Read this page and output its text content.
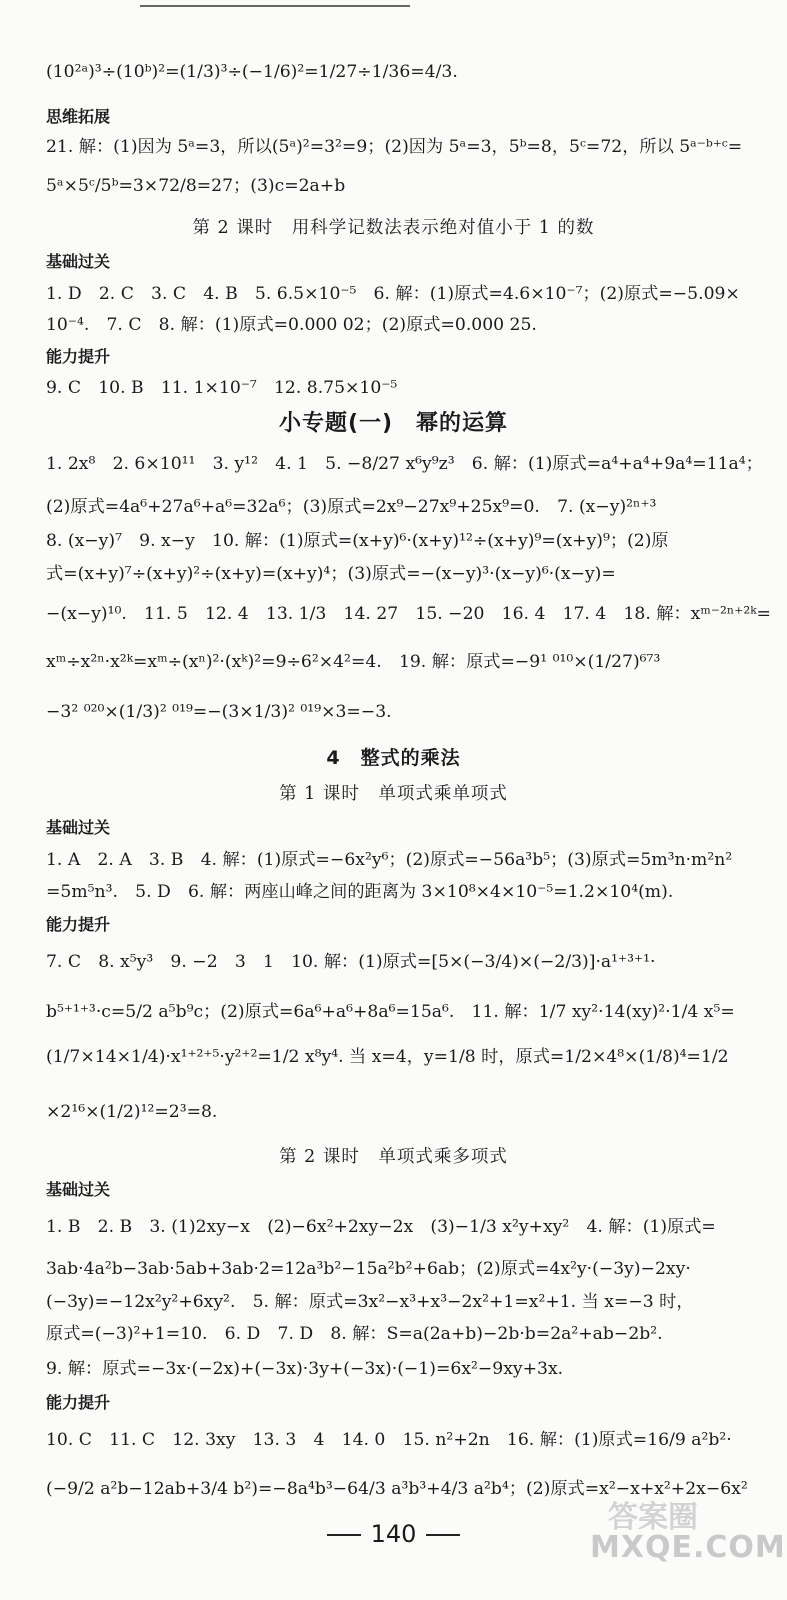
(10²ᵃ)³÷(10ᵇ)²=(1/3)³÷(−1/6)²=1/27÷1/36=4/3.
思维拓展
21. 解：(1)因为 5ᵃ=3，所以(5ᵃ)²=3²=9；(2)因为 5ᵃ=3，5ᵇ=8，5ᶜ=72，所以 5ᵃ⁻ᵇ⁺ᶜ=
5ᵃ×5ᶜ/5ᵇ=3×72/8=27；(3)c=2a+b
第 2 课时　用科学记数法表示绝对值小于 1 的数
基础过关
1. D　2. C　3. C　4. B　5. 6.5×10⁻⁵　6. 解：(1)原式=4.6×10⁻⁷；(2)原式=−5.09×
10⁻⁴.　7. C　8. 解：(1)原式=0.000 02；(2)原式=0.000 25.
能力提升
9. C　10. B　11. 1×10⁻⁷　12. 8.75×10⁻⁵
小专题(一)　幂的运算
1. 2x⁸　2. 6×10¹¹　3. y¹²　4. 1　5. −8/27 x⁶y⁹z³　6. 解：(1)原式=a⁴+a⁴+9a⁴=11a⁴；
(2)原式=4a⁶+27a⁶+a⁶=32a⁶；(3)原式=2x⁹−27x⁹+25x⁹=0.　7. (x−y)²ⁿ⁺³
8. (x−y)⁷　9. x−y　10. 解：(1)原式=(x+y)⁶·(x+y)¹²÷(x+y)⁹=(x+y)⁹；(2)原
式=(x+y)⁷÷(x+y)²÷(x+y)=(x+y)⁴；(3)原式=−(x−y)³·(x−y)⁶·(x−y)=
−(x−y)¹⁰.　11. 5　12. 4　13. 1/3　14. 27　15. −20　16. 4　17. 4　18. 解：xᵐ⁻²ⁿ⁺²ᵏ=
xᵐ÷x²ⁿ·x²ᵏ=xᵐ÷(xⁿ)²·(xᵏ)²=9÷6²×4²=4.　19. 解：原式=−9¹ ⁰¹⁰×(1/27)⁶⁷³
−3² ⁰²⁰×(1/3)² ⁰¹⁹=−(3×1/3)² ⁰¹⁹×3=−3.
4　整式的乘法
第 1 课时　单项式乘单项式
基础过关
1. A　2. A　3. B　4. 解：(1)原式=−6x²y⁶；(2)原式=−56a³b⁵；(3)原式=5m³n·m²n²
=5m⁵n³.　5. D　6. 解：两座山峰之间的距离为 3×10⁸×4×10⁻⁵=1.2×10⁴(m).
能力提升
7. C　8. x⁵y³　9. −2　3　1　10. 解：(1)原式=[5×(−3/4)×(−2/3)]·a¹⁺³⁺¹·
b⁵⁺¹⁺³·c=5/2 a⁵b⁹c；(2)原式=6a⁶+a⁶+8a⁶=15a⁶.　11. 解：1/7 xy²·14(xy)²·1/4 x⁵=
(1/7×14×1/4)·x¹⁺²⁺⁵·y²⁺²=1/2 x⁸y⁴. 当 x=4，y=1/8 时，原式=1/2×4⁸×(1/8)⁴=1/2
×2¹⁶×(1/2)¹²=2³=8.
第 2 课时　单项式乘多项式
基础过关
1. B　2. B　3. (1)2xy−x　(2)−6x²+2xy−2x　(3)−1/3 x²y+xy²　4. 解：(1)原式=
3ab·4a²b−3ab·5ab+3ab·2=12a³b²−15a²b²+6ab；(2)原式=4x²y·(−3y)−2xy·
(−3y)=−12x²y²+6xy².　5. 解：原式=3x²−x³+x³−2x²+1=x²+1. 当 x=−3 时，
原式=(−3)²+1=10.　6. D　7. D　8. 解：S=a(2a+b)−2b·b=2a²+ab−2b².
9. 解：原式=−3x·(−2x)+(−3x)·3y+(−3x)·(−1)=6x²−9xy+3x.
能力提升
10. C　11. C　12. 3xy　13. 3　4　14. 0　15. n²+2n　16. 解：(1)原式=16/9 a²b²·
(−9/2 a²b−12ab+3/4 b²)=−8a⁴b³−64/3 a³b³+4/3 a²b⁴；(2)原式=x²−x+x²+2x−6x²
答案圈
MXQE.COM
140
